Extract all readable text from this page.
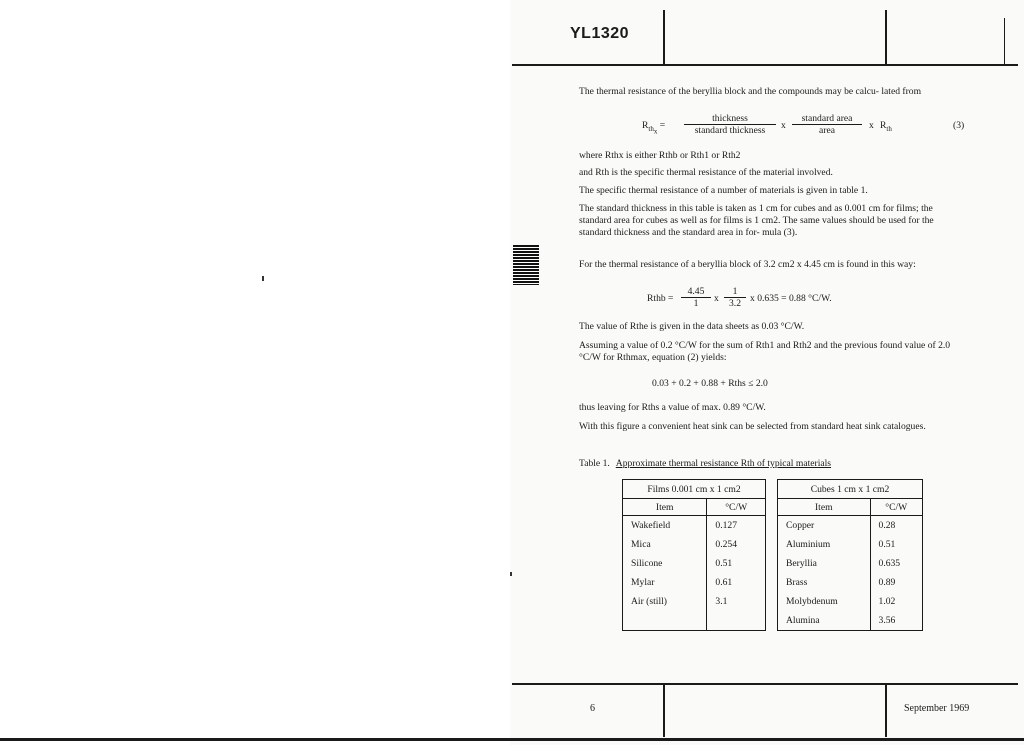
YL1320

The thermal resistance of the beryllia block and the compounds may be calcu- lated from

$R_{th_x}$ =
thickness
standard thickness	x
standard area
area	x $R_{th}$	(3)

where Rthx is either Rthb or Rth1 or Rth2

and Rth is the specific thermal resistance of the material involved.

The specific thermal resistance of a number of materials is given in table 1.

The standard thickness in this table is taken as 1 cm for cubes and as 0.001 cm for films; the standard area for cubes as well as for films is 1 cm2. The same values should be used for the standard thickness and the standard area in for- mula (3).

For the thermal resistance of a beryllia block of 3.2 cm2 x 4.45 cm is found in this way:

Rthb = $\frac{4.45}{1}$ x $\frac{1}{3.2}$ x 0.635 = 0.88 °C/W.

The value of Rthe is given in the data sheets as 0.03 °C/W.

Assuming a value of 0.2 °C/W for the sum of Rth1 and Rth2 and the previous found value of 2.0 °C/W for Rthmax, equation (2) yields:

0.03 + 0.2 + 0.88 + Rths ≤ 2.0

thus leaving for Rths a value of max. 0.89 °C/W.

With this figure a convenient heat sink can be selected from standard heat sink catalogues.

Table 1. Approximate thermal resistance Rth of typical materials
Films 0.001 cm x 1 cm2	
Item	°C/W
Wakefield	0.127
Mica	0.254
Silicone	0.51
Mylar	0.61
Air (still)	3.1

Cubes 1 cm x 1 cm2	
Item	°C/W
Copper	0.28
Aluminium	0.51
Beryllia	0.635
Brass	0.89
Molybdenum	1.02
Alumina	3.56
6	September 1969
